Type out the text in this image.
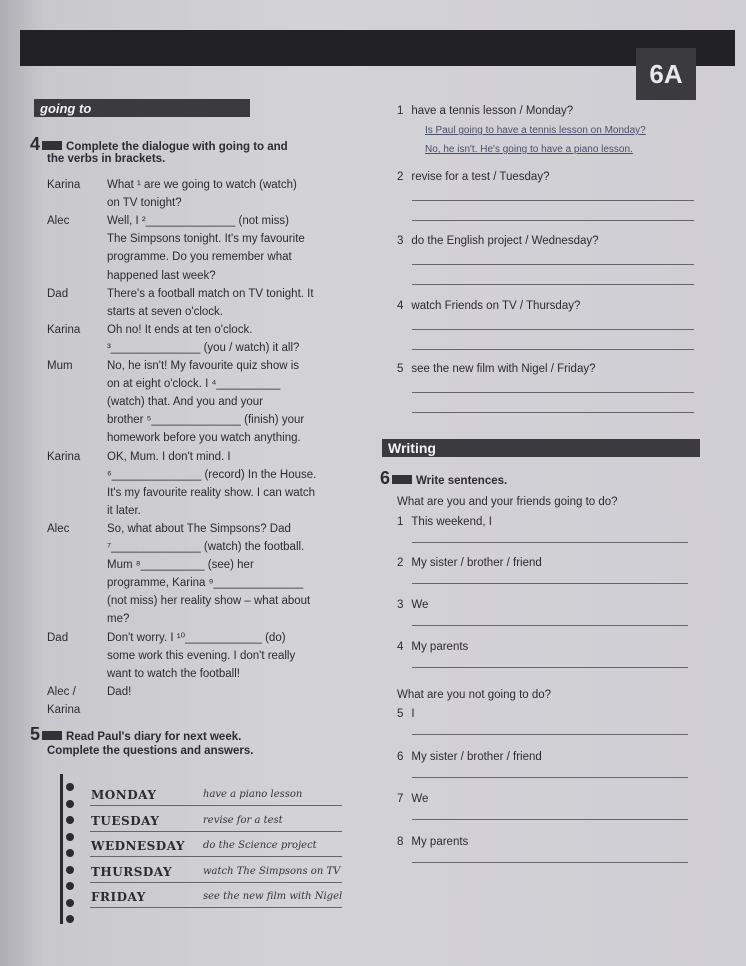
6A
going to
4 Complete the dialogue with going to and
the verbs in brackets.
Karina What ¹ are we going to watch (watch)
on TV tonight?
Alec	Well, I ²______________ (not miss)
The Simpsons tonight. It's my favourite
programme. Do you remember what
happened last week?
Dad	There's a football match on TV tonight. It
starts at seven o'clock.
Karina Oh no! It ends at ten o'clock.
³______________ (you / watch) it all?
Mum	No, he isn't! My favourite quiz show is
on at eight o'clock. I ⁴__________
(watch) that. And you and your
brother ⁵______________ (finish) your
homework before you watch anything.
Karina OK, Mum. I don't mind. I
⁶______________ (record) In the House.
It's my favourite reality show. I can watch
it later.
Alec	So, what about The Simpsons? Dad
⁷______________ (watch) the football.
Mum ⁸__________ (see) her
programme, Karina ⁹______________
(not miss) her reality show – what about
me?
Dad	Don't worry. I ¹⁰____________ (do)
some work this evening. I don't really
want to watch the football!
Alec /	Dad!
Karina
5 Read Paul's diary for next week.
Complete the questions and answers.
MONDAY	have a piano lesson
TUESDAY	revise for a test
WEDNESDAY do the Science project
THURSDAY	watch The Simpsons on TV
FRIDAY	see the new film with Nigel
1 have a tennis lesson / Monday?
Is Paul going to have a tennis lesson on Monday?
No, he isn't. He's going to have a piano lesson.
2 revise for a test / Tuesday?
3 do the English project / Wednesday?
4 watch Friends on TV / Thursday?
5 see the new film with Nigel / Friday?
Writing
6 Write sentences.
What are you and your friends going to do?
What are you not going to do?
1 This weekend, I
2 My sister / brother / friend
3 We
4 My parents
5 I
6 My sister / brother / friend
7 We
8 My parents
